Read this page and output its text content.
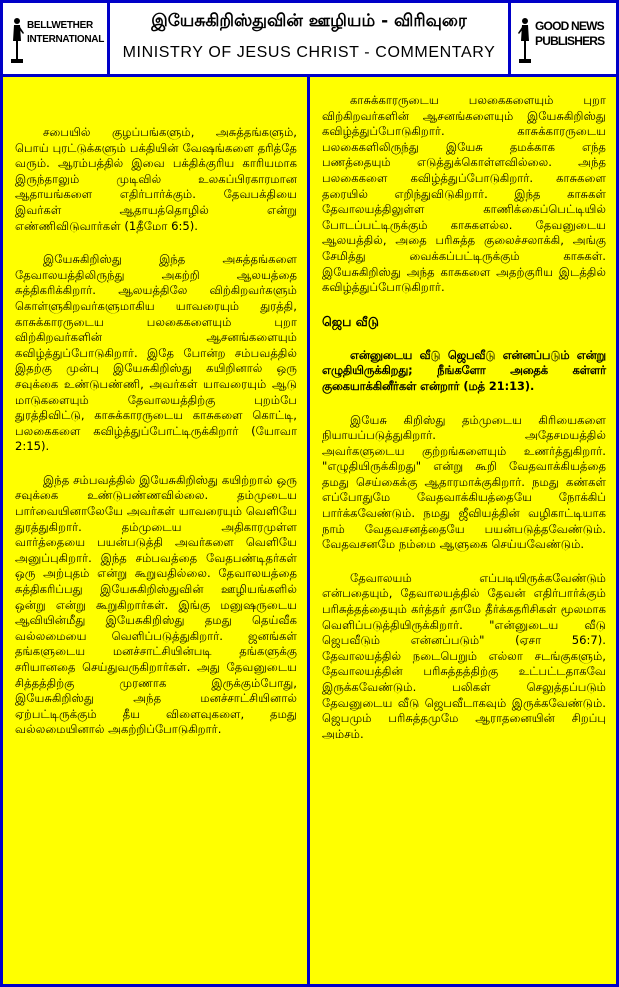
BELLWETHER
INTERNATIONAL
இயேசுகிறிஸ்துவின் ஊழியம் - விரிவுரை
MINISTRY OF JESUS CHRIST - COMMENTARY
GOOD NEWS
PUBLISHERS

சபையில் குழப்பங்களும், அசுத்தங்களும், பொய் புரட்டுக்களும் பக்தியின் வேஷங்களை தரித்தே வரும். ஆரம்பத்தில் இவை பக்திக்குரிய காரியமாக இருந்தாலும் முடிவில் உலகப்பிரகாரமான ஆதாயங்களை எதிர்பார்க்கும். தேவபக்தியை இவர்கள் ஆதாயத்தொழில் என்று எண்ணிவிடுவார்கள் (1தீமோ 6:5).

இயேசுகிறிஸ்து இந்த அசுத்தங்களை தேவாலயத்திலிருந்து அகற்றி ஆலயத்தை சுத்திகரிக்கிறார். ஆலயத்திலே விற்கிறவர்களும் கொள்ளுகிறவர்களுமாகிய யாவரையும் துரத்தி, காசுக்காரருடைய பலகைகளையும் புறா விற்கிறவர்களின் ஆசனங்களையும் கவிழ்த்துப்போடுகிறார். இதே போன்ற சம்பவத்தில் இதற்கு முன்பு இயேசுகிறிஸ்து கயிறினால் ஒரு சவுக்கை உண்டுபண்ணி, அவர்கள் யாவரையும் ஆடு மாடுகளையும் தேவாலயத்திற்கு புறம்பே துரத்திவிட்டு, காசுக்காரருடைய காசுகளை கொட்டி, பலகைகளை கவிழ்த்துப்போட்டிருக்கிறார் (யோவா 2:15).

இந்த சம்பவத்தில் இயேசுகிறிஸ்து கயிற்றால் ஒரு சவுக்கை உண்டுபண்ணவில்லை. தம்முடைய பார்வையினாலேயே அவர்கள் யாவரையும் வெளியே துரத்துகிறார். தம்முடைய அதிகாரமுள்ள வார்த்தையை பயன்படுத்தி அவர்களை வெளியே அனுப்புகிறார். இந்த சம்பவத்தை வேதபண்டிதர்கள் ஒரு அற்புதம் என்று கூறுவதில்லை. தேவாலயத்தை சுத்திகரிப்பது இயேசுகிறிஸ்துவின் ஊழியங்களில் ஒன்று என்று கூறுகிறார்கள். இங்கு மனுஷருடைய ஆவியின்மீது இயேசுகிறிஸ்து தமது தெய்வீக வல்லமையை வெளிப்படுத்துகிறார். ஜனங்கள் தங்களுடைய மனச்சாட்சியின்படி தங்களுக்கு சரியானதை செய்துவருகிறார்கள். அது தேவனுடைய சித்தத்திற்கு முரணாக இருக்கும்போது, இயேசுகிறிஸ்து அந்த மனச்சாட்சியினால் ஏற்பட்டிருக்கும் தீய விளைவுகளை, தமது வல்லமையினால் அகற்றிப்போடுகிறார்.

காசுக்காரருடைய பலகைகளையும் புறா விற்கிறவர்களின் ஆசனங்களையும் இயேசுகிறிஸ்து கவிழ்த்துப்போடுகிறார். காசுக்காரருடைய பலகைகளிலிருந்து இயேசு தமக்காக எந்த பணத்தையும் எடுத்துக்கொள்ளவில்லை. அந்த பலகைகளை கவிழ்த்துப்போடுகிறார். காசுகளை தரையில் எறிந்துவிடுகிறார். இந்த காசுகள் தேவாலயத்திலுள்ள காணிக்கைப்பெட்டியில் போடப்பட்டிருக்கும் காசுகளல்ல. தேவனுடைய ஆலயத்தில், அதை பரிசுத்த குலைச்சலாக்கி, அங்கு சேமித்து வைக்கப்பட்டிருக்கும் காசுகள். இயேசுகிறிஸ்து அந்த காசுகளை அதற்குரிய இடத்தில் கவிழ்த்துப்போடுகிறார்.

ஜெப வீடு

என்னுடைய வீடு ஜெபவீடு என்னப்படும் என்று எழுதியிருக்கிறது; நீங்களோ அதைக் கள்ளர் குகையாக்கினீர்கள் என்றார் (மத் 21:13).

இயேசு கிறிஸ்து தம்முடைய கிரியைகளை நியாயப்படுத்துகிறார். அதேசமயத்தில் அவர்களுடைய குற்றங்களையும் உணர்த்துகிறார். "எழுதியிருக்கிறது" என்று கூறி வேதவாக்கியத்தை தமது செய்கைக்கு ஆதாரமாக்குகிறார். நமது கண்கள் எப்போதுமே வேதவாக்கியத்தையே நோக்கிப் பார்க்கவேண்டும். நமது ஜீவியத்தின் வழிகாட்டியாக நாம் வேதவசனத்தையே பயன்படுத்தவேண்டும். வேதவசனமே நம்மை ஆளுகை செய்யவேண்டும்.

தேவாலயம் எப்படியிருக்கவேண்டும் என்பதையும், தேவாலயத்தில் தேவன் எதிர்பார்க்கும் பரிசுத்தத்தையும் கர்த்தர் தாமே தீர்க்கதரிசிகள் மூலமாக வெளிப்படுத்தியிருக்கிறார். "என்னுடைய வீடு ஜெபவீடும் என்னப்படும்" (ஏசா 56:7). தேவாலயத்தில் நடைபெறும் எல்லா சடங்குகளும், தேவாலயத்தின் பரிசுத்தத்திற்கு உட்பட்டதாகவே இருக்கவேண்டும். பலிகள் செலுத்தப்படும் தேவனுடைய வீடு ஜெபவீடாகவும் இருக்கவேண்டும். ஜெபமும் பரிசுத்தமுமே ஆராதனையின் சிறப்பு அம்சம்.
